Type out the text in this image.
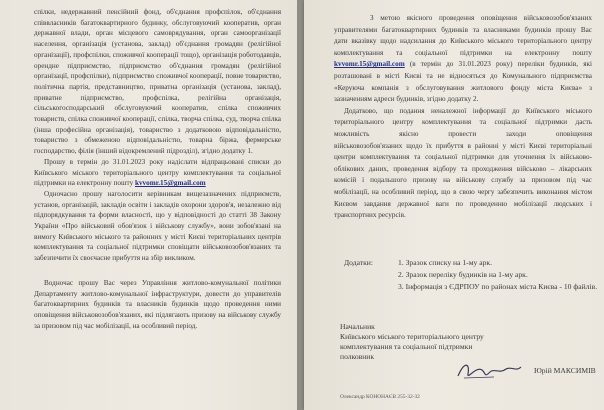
спілки, недержавний пенсійний фонд, об'єднання профспілок, об'єднання
співвласників багатоквартирного будинку, обслуговуючий кооператив, орган
державної влади, орган місцевого самоврядування, орган самоорганізації
населення, організація (установа, заклад) об'єднання громадян (релігійної
організації), профспілки, споживчої кооперації тощо), організація роботодавців,
орендне підприємство, підприємство об'єднання громадян (релігійної
організації, профспілки), підприємство споживчої кооперації, повне товариство,
політична партія, представництво, приватна організація (установа, заклад),
приватне підприємство, профспілка, релігійна організація,
сільськогосподарський обслуговуючий кооператив, спілка споживчих
товариств, спілка споживчої кооперації, спілка, творча спілка, суд, творча спілка
(інша професійна організація), товариство з додатковою відповідальністю,
товариство з обмеженою відповідальністю, товарна біржа, фермерське
господарство, філія (інший відокремлений підрозділ), згідно додатку 1.
Прошу в термін до 31.01.2023 року надіслати відпрацьовані списки до
Київського міського територіального центру комплектування та соціальної
підтримки на електронну пошту kvvomr.15@gmail.com
Одночасно прошу наголосити керівникам вищезазначених підприємств,
установ, організацій, закладів освіти і закладів охорони здоров'я, незалежно від
підпорядкування та форми власності, що у відповідності до статті 38 Закону
України «Про військовий обов'язок і військову службу», вони зобов'язані на
вимогу Київського міського та районних у місті Києві територіальних центрів
комплектування та соціальної підтримки сповіщати військовозобов'язаних та
забезпечити їх своєчасне прибуття на збір викликом.
Водночас прошу Вас через Управління житлово-комунальної політики
Департаменту житлово-комунальної інфраструктури, довести до управителів
багатоквартирних будинків та власників будинків щодо проведення ними
оповіщення військовозобов'язаних, які підлягають призову на військову службу
за призовом під час мобілізації, на особливий період.
З метою якісного проведення оповіщення військовозобов'язаних
управителями багатоквартирних будинків та власниками будинків прошу Вас
дати вказівку щодо надсилання до Київського міського територіального центру
комплектування та соціальної підтримки на електронну пошту
kvvomr.15@gmail.com (в термін до 31.01.2023 року) переліки будинків, які
розташовані в місті Києві та не відносяться до Комунального підприємства
«Керуюча компанія з обслуговування житлового фонду міста Києва» з
зазначенням адреси будинків, згідно додатку 2.
Додатково, що подання неналежної інформації до Київського міського
територіального центру комплектування та соціальної підтримки дасть
можливість якісно провести заходи оповіщення
військовозобов'язаних щодо їх прибуття в районні у місті Києві територіальні
центри комплектування та соціальної підтримки для уточнення їх військово-
облікових даних, проведення відбору та проходження військово – лікарських
комісій і подальшого призову на військову службу за призовом під час
мобілізації, на особливий період, що в свою чергу забезпечить виконання містом
Києвом завдання державної ваги по проведенню мобілізації людських і
транспортних ресурсів.
Додатки:	1. Зразок списку на 1-му арк.
2. Зразок переліку будинків на 1-му арк.
3. Інформація з ЄДРПОУ по районах міста Києва - 10 файлів.
Начальник
Київського міського територіального центру
комплектування та соціальної підтримки
полковник
Юрій МАКСИМІВ
Олександр КОНОНАЄВ 255-32-32
